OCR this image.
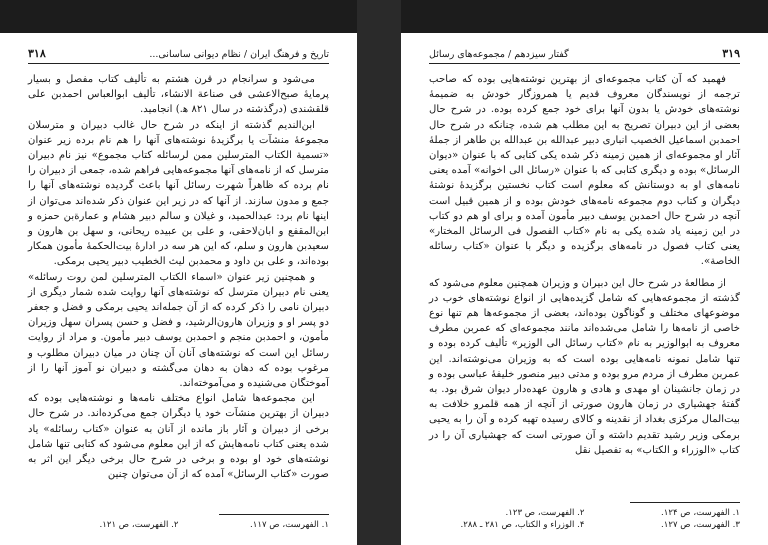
تاریخ و فرهنگ ایران / نظام دیوانی ساسانی...
۳۱۸

می‌شود و سرانجام در قرن هشتم به تألیف کتاب مفصل و بسیار پرمایهٔ صبح‌الاعشی فی صناعة الانشاء، تألیف ابوالعباس احمدبن علی قلقشندی (درگذشته در سال ۸۲۱ ه‍.) انجامید.

ابن‌الندیم گذشته از اینکه در شرح حال غالب دبیران و مترسلان مجموعهٔ منشآت یا برگزیدهٔ نوشته‌های آنها را هم نام برده زیر عنوان «تسمیة الکتاب المترسلین ممن لرسائله کتاب مجموع» نیز نام دبیران مترسل که از نامه‌های آنها مجموعه‌هایی فراهم شده، جمعی از دبیران را نام برده که ظاهراً شهرت رسائل آنها باعث گردیده نوشته‌های آنها را جمع و مدون سازند. از آنها که در زیر این عنوان ذکر شده‌اند می‌توان از اینها نام برد: عبدالحمید، و غیلان و سالم دبیر هشام و عمارةبن حمزه و ابن‌المقفع و ابان‌لاحقی، و علی بن عبیده ریحانی، و سهل بن هارون و سعیدبن هارون و سلم، که این هر سه در ادارهٔ بیت‌الحکمهٔ مأمون همکار بوده‌اند، و علی بن داود و محمدبن لیث الخطیب دبیر یحیی برمکی.

و همچنین زیر عنوان «اسماء الکتاب المترسلین لمن روت رسائله» یعنی نام دبیران مترسل که نوشته‌های آنها روایت شده شمار دیگری از دبیران نامی را ذکر کرده که از آن جمله‌اند یحیی برمکی و فضل و جعفر دو پسر او و وزیران هارون‌الرشید، و فضل و حسن پسران سهل وزیران مأمون، و احمدبن منجم و احمدبن یوسف دبیر مأمون. و مراد از روایت رسائل این است که نوشته‌های آنان آن چنان در میان دبیران مطلوب و مرغوب بوده که دهان به دهان می‌گشته و دبیران نو آموز آنها را از آموختگان می‌شنیده و می‌آموخته‌اند.

این مجموعه‌ها شامل انواع مختلف نامه‌ها و نوشته‌هایی بوده که دبیران از بهترین منشآت خود یا دیگران جمع می‌کرده‌اند. در شرح حال برخی از دبیران و آثار باز مانده از آنان به عنوان «کتاب رسائله» یاد شده یعنی کتاب نامه‌هایش که از این معلوم می‌شود که کتابی تنها شامل نوشته‌های خود او بوده و برخی در شرح حال برخی دیگر این اثر به صورت «کتاب الرسائل» آمده که از آن می‌توان چنین

۱. الفهرست، ص ۱۱۷.
۲. الفهرست، ص ۱۲۱.
۳۱۹
گفتار سیزدهم / مجموعه‌های رسائل

فهمید که آن کتاب مجموعه‌ای از بهترین نوشته‌هایی بوده که صاحب ترجمه از نویسندگان معروف قدیم یا همروزگار خودش به ضمیمهٔ نوشته‌های خودش یا بدون آنها برای خود جمع کرده بوده. در شرح حال بعضی از این دبیران تصریح به این مطلب هم شده، چنانکه در شرح حال احمدبن اسماعیل الخصیب انباری دبیر عبدالله بن عبدالله بن طاهر از جملهٔ آثار او مجموعه‌ای از همین زمینه ذکر شده یکی کتابی که با عنوان «دیوان الرسائل» بوده و دیگری کتابی که با عنوان «رسائل الی اخوانه» آمده یعنی نامه‌های او به دوستانش که معلوم است کتاب نخستین برگزیدهٔ نوشتهٔ دیگران و کتاب دوم مجموعه نامه‌های خودش بوده و از همین قبیل است آنچه در شرح حال احمدبن یوسف دبیر مأمون آمده و برای او هم دو کتاب در این زمینه یاد شده یکی به نام «کتاب الفصول فی الرسائل المختار» یعنی کتاب فصول در نامه‌های برگزیده و دیگر با عنوان «کتاب رسائله الخاصة».

از مطالعهٔ در شرح حال این دبیران و وزیران همچنین معلوم می‌شود که گذشته از مجموعه‌هایی که شامل گزیده‌هایی از انواع نوشته‌های خوب در موضوعهای مختلف و گوناگون بوده‌اند، بعضی از مجموعه‌ها هم تنها نوع خاصی از نامه‌ها را شامل می‌شده‌اند مانند مجموعه‌ای که عمربن مطرف معروف به ابوالوزیر به نام «کتاب رسائل الی الوزیر» تألیف کرده بوده و تنها شامل نمونه نامه‌هایی بوده است که به وزیران می‌نوشته‌اند. این عمربن مطرف از مردم مرو بوده و مدتی دبیر منصور خلیفهٔ عباسی بوده و در زمان جانشینان او مهدی و هادی و هارون عهده‌دار دیوان شرق بود. به گفتهٔ جهشیاری در زمان هارون صورتی از آنچه از همه قلمرو خلافت به بیت‌المال مرکزی بغداد از نقدینه و کالای رسیده تهیه کرده و آن را به یحیی برمکی وزیر رشید تقدیم داشته و آن صورتی است که جهشیاری آن را در کتاب «الوزراء و الکتاب» به تفصیل نقل

۱. الفهرست، ص ۱۲۴.
۲. الفهرست، ص ۱۲۳.
۳. الفهرست، ص ۱۲۷.
۴. الوزراء و الکتاب، ص ۲۸۱ ـ ۲۸۸.
